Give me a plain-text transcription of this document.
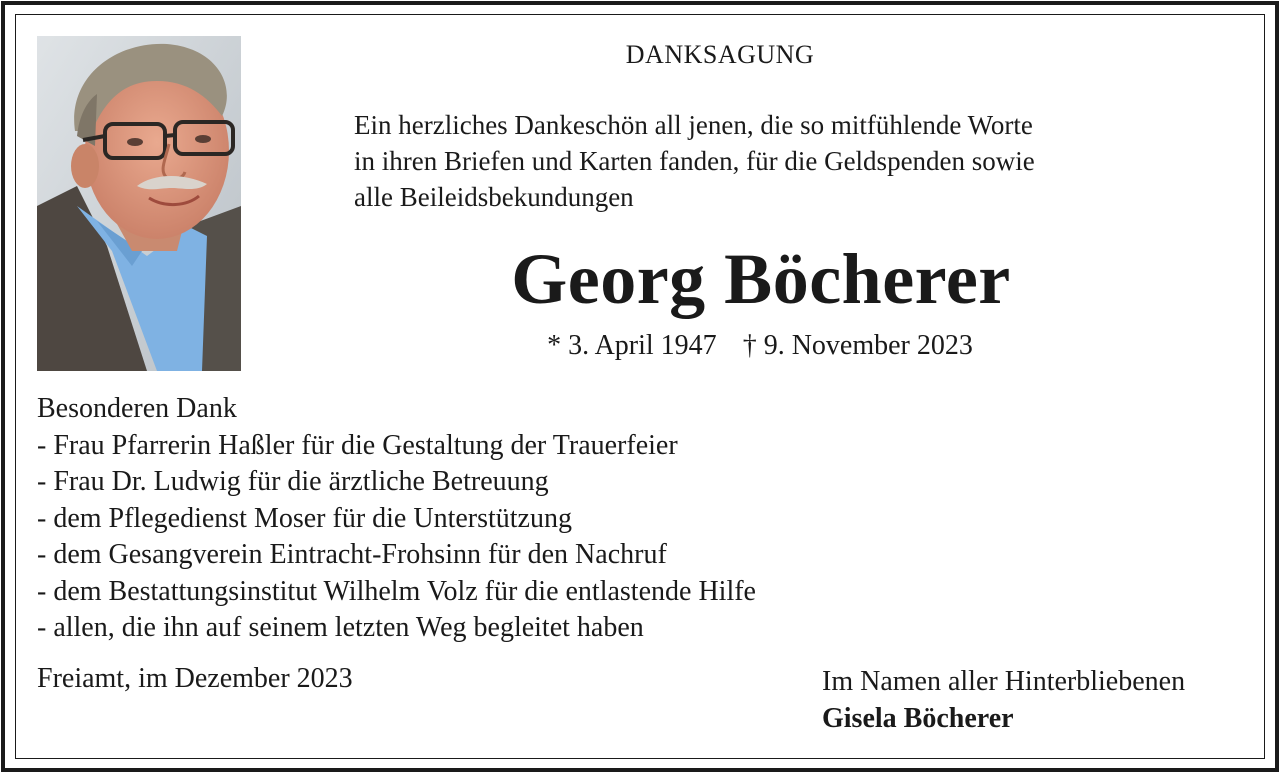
DANKSAGUNG
Ein herzliches Dankeschön all jenen, die so mitfühlende Worte
in ihren Briefen und Karten fanden, für die Geldspenden sowie
alle Beileidsbekundungen
Georg Böcherer
* 3. April 1947 † 9. November 2023
Besonderen Dank
- Frau Pfarrerin Haßler für die Gestaltung der Trauerfeier
- Frau Dr. Ludwig für die ärztliche Betreuung
- dem Pflegedienst Moser für die Unterstützung
- dem Gesangverein Eintracht-Frohsinn für den Nachruf
- dem Bestattungsinstitut Wilhelm Volz für die entlastende Hilfe
- allen, die ihn auf seinem letzten Weg begleitet haben
Freiamt, im Dezember 2023	Im Namen aller Hinterbliebenen
Gisela Böcherer
